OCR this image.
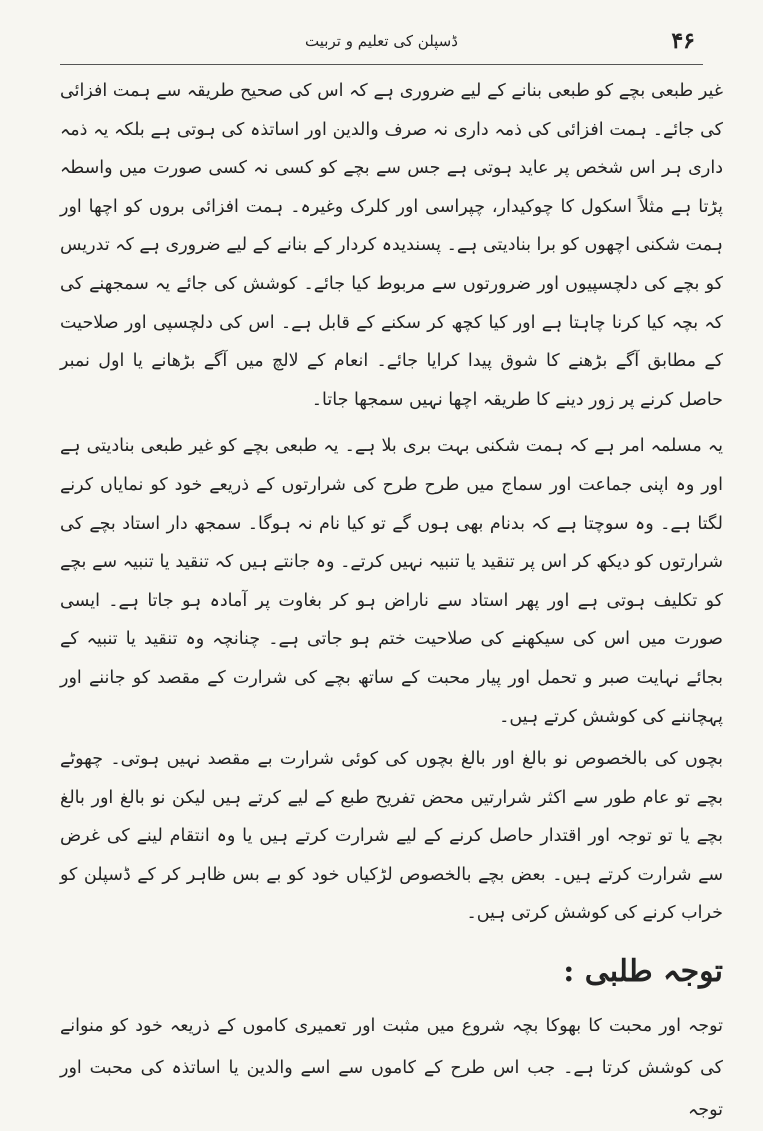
۴۶
ڈسپلن کی تعلیم و تربیت

غیر طبعی بچے کو طبعی بنانے کے لیے ضروری ہے کہ اس کی صحیح طریقہ سے ہمت افزائی کی جائے۔ ہمت افزائی کی ذمہ داری نہ صرف والدین اور اساتذہ کی ہوتی ہے بلکہ یہ ذمہ داری ہر اس شخص پر عاید ہوتی ہے جس سے بچے کو کسی نہ کسی صورت میں واسطہ پڑتا ہے مثلاً اسکول کا چوکیدار، چپراسی اور کلرک وغیرہ۔ ہمت افزائی بروں کو اچھا اور ہمت شکنی اچھوں کو برا بنادیتی ہے۔ پسندیدہ کردار کے بنانے کے لیے ضروری ہے کہ تدریس کو بچے کی دلچسپیوں اور ضرورتوں سے مربوط کیا جائے۔ کوشش کی جائے یہ سمجھنے کی کہ بچہ کیا کرنا چاہتا ہے اور کیا کچھ کر سکنے کے قابل ہے۔ اس کی دلچسپی اور صلاحیت کے مطابق آگے بڑھنے کا شوق پیدا کرایا جائے۔ انعام کے لالچ میں آگے بڑھانے یا اول نمبر حاصل کرنے پر زور دینے کا طریقہ اچھا نہیں سمجھا جاتا۔

یہ مسلمہ امر ہے کہ ہمت شکنی بہت بری بلا ہے۔ یہ طبعی بچے کو غیر طبعی بنادیتی ہے اور وہ اپنی جماعت اور سماج میں طرح طرح کی شرارتوں کے ذریعے خود کو نمایاں کرنے لگتا ہے۔ وہ سوچتا ہے کہ بدنام بھی ہوں گے تو کیا نام نہ ہوگا۔ سمجھ دار استاد بچے کی شرارتوں کو دیکھ کر اس پر تنقید یا تنبیہ نہیں کرتے۔ وہ جانتے ہیں کہ تنقید یا تنبیہ سے بچے کو تکلیف ہوتی ہے اور پھر استاد سے ناراض ہو کر بغاوت پر آمادہ ہو جاتا ہے۔ ایسی صورت میں اس کی سیکھنے کی صلاحیت ختم ہو جاتی ہے۔ چنانچہ وہ تنقید یا تنبیہ کے بجائے نہایت صبر و تحمل اور پیار محبت کے ساتھ بچے کی شرارت کے مقصد کو جاننے اور پہچاننے کی کوشش کرتے ہیں۔

بچوں کی بالخصوص نو بالغ اور بالغ بچوں کی کوئی شرارت بے مقصد نہیں ہوتی۔ چھوٹے بچے تو عام طور سے اکثر شرارتیں محض تفریح طبع کے لیے کرتے ہیں لیکن نو بالغ اور بالغ بچے یا تو توجہ اور اقتدار حاصل کرنے کے لیے شرارت کرتے ہیں یا وہ انتقام لینے کی غرض سے شرارت کرتے ہیں۔ بعض بچے بالخصوص لڑکیاں خود کو بے بس ظاہر کر کے ڈسپلن کو خراب کرنے کی کوشش کرتی ہیں۔

توجہ طلبی :

توجہ اور محبت کا بھوکا بچہ شروع میں مثبت اور تعمیری کاموں کے ذریعہ خود کو منوانے کی کوشش کرتا ہے۔ جب اس طرح کے کاموں سے اسے والدین یا اساتذہ کی محبت اور توجہ
